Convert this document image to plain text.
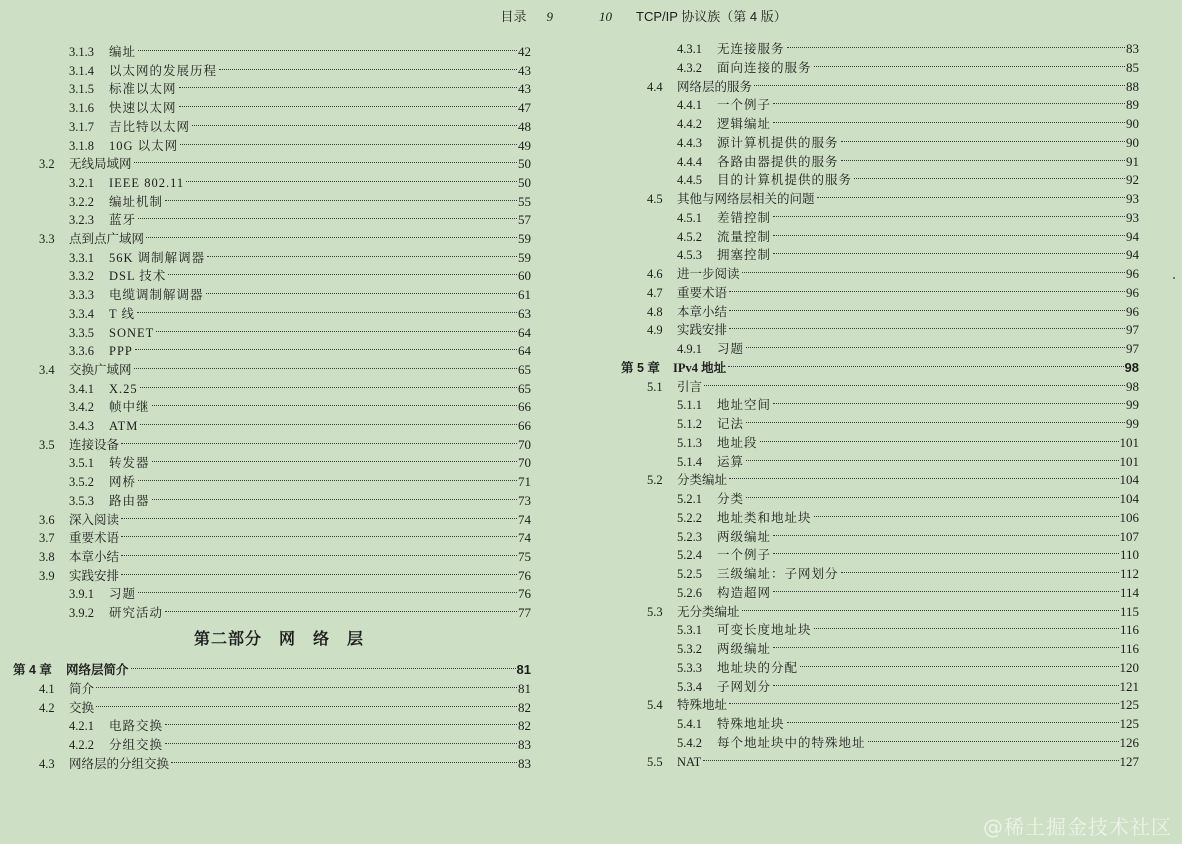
目录 9
3.1.3	编址	42
3.1.4	以太网的发展历程	43
3.1.5	标准以太网	43
3.1.6	快速以太网	47
3.1.7	吉比特以太网	48
3.1.8	10G 以太网	49
3.2	无线局域网	50
3.2.1	IEEE 802.11	50
3.2.2	编址机制	55
3.2.3	蓝牙	57
3.3	点到点广域网	59
3.3.1	56K 调制解调器	59
3.3.2	DSL 技术	60
3.3.3	电缆调制解调器	61
3.3.4	T 线	63
3.3.5	SONET	64
3.3.6	PPP	64
3.4	交换广域网	65
3.4.1	X.25	65
3.4.2	帧中继	66
3.4.3	ATM	66
3.5	连接设备	70
3.5.1	转发器	70
3.5.2	网桥	71
3.5.3	路由器	73
3.6	深入阅读	74
3.7	重要术语	74
3.8	本章小结	75
3.9	实践安排	76
3.9.1	习题	76
3.9.2	研究活动	77
第二部分　网　络　层
第 4 章	网络层简介	81
4.1	简介	81
4.2	交换	82
4.2.1	电路交换	82
4.2.2	分组交换	83
4.3	网络层的分组交换	83
10 TCP/IP 协议族（第 4 版）
4.3.1	无连接服务	83
4.3.2	面向连接的服务	85
4.4	网络层的服务	88
4.4.1	一个例子	89
4.4.2	逻辑编址	90
4.4.3	源计算机提供的服务	90
4.4.4	各路由器提供的服务	91
4.4.5	目的计算机提供的服务	92
4.5	其他与网络层相关的问题	93
4.5.1	差错控制	93
4.5.2	流量控制	94
4.5.3	拥塞控制	94
4.6	进一步阅读	96
4.7	重要术语	96
4.8	本章小结	96
4.9	实践安排	97
4.9.1	习题	97
第 5 章	IPv4 地址	98
5.1	引言	98
5.1.1	地址空间	99
5.1.2	记法	99
5.1.3	地址段	101
5.1.4	运算	101
5.2	分类编址	104
5.2.1	分类	104
5.2.2	地址类和地址块	106
5.2.3	两级编址	107
5.2.4	一个例子	110
5.2.5	三级编址：子网划分	112
5.2.6	构造超网	114
5.3	无分类编址	115
5.3.1	可变长度地址块	116
5.3.2	两级编址	116
5.3.3	地址块的分配	120
5.3.4	子网划分	121
5.4	特殊地址	125
5.4.1	特殊地址块	125
5.4.2	每个地址块中的特殊地址	126
5.5	NAT	127
@稀土掘金技术社区
